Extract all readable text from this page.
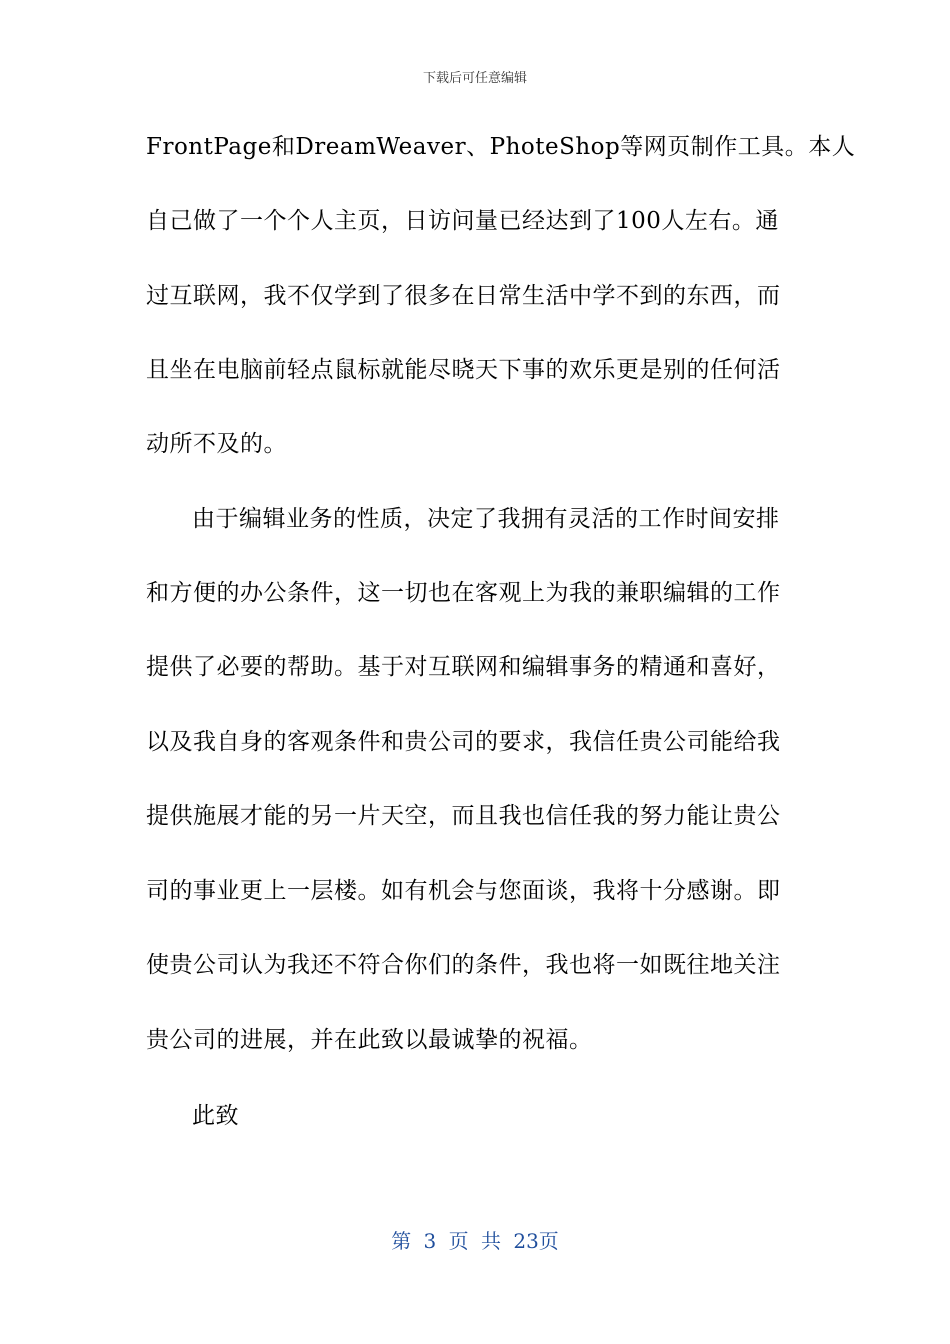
下载后可任意编辑
FrontPage和DreamWeaver、PhoteShop等网页制作工具。本人
自己做了一个个人主页，日访问量已经达到了100人左右。通
过互联网，我不仅学到了很多在日常生活中学不到的东西，而
且坐在电脑前轻点鼠标就能尽晓天下事的欢乐更是别的任何活
动所不及的。
由于编辑业务的性质，决定了我拥有灵活的工作时间安排
和方便的办公条件，这一切也在客观上为我的兼职编辑的工作
提供了必要的帮助。基于对互联网和编辑事务的精通和喜好，
以及我自身的客观条件和贵公司的要求，我信任贵公司能给我
提供施展才能的另一片天空，而且我也信任我的努力能让贵公
司的事业更上一层楼。如有机会与您面谈，我将十分感谢。即
使贵公司认为我还不符合你们的条件，我也将一如既往地关注
贵公司的进展，并在此致以最诚挚的祝福。
此致
第 3 页 共 23页
